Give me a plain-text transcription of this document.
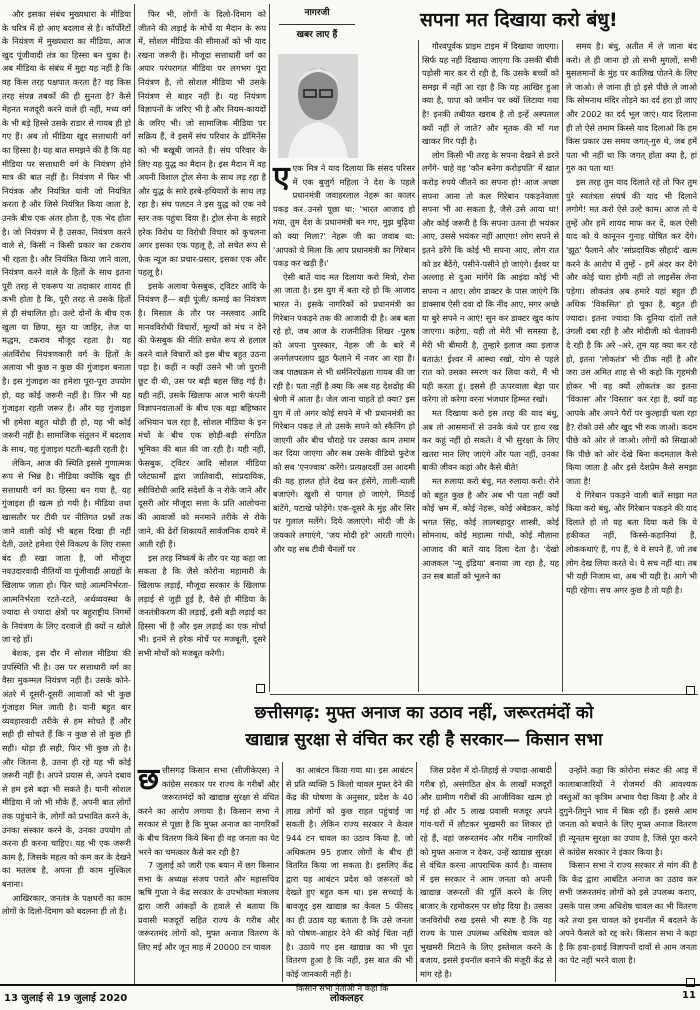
और इसका संबंध मुख्यधारा के मीडिया के चरित्र में हो आए बदलाव से है। कॉर्पोरेटों के नियंत्रण में मुख्यधारा का मीडिया, आज खुद पूंजीवादी तंत्र का हिस्सा बन चुका है। अब मीडिया के संबंध में मुद्दा यह नहीं है कि वह किस तरह पक्षपात करता है? वह किस तरह संपन्न तबकों की ही सुनता है? कैसे मेहनत मजदूरी करने वाले ही नहीं, मध्य वर्ग के भी बड़े हिस्से उसके राडार से गायब ही हो गए हैं। अब तो मीडिया खुद सत्ताधारी वर्ग का हिस्सा है। यह बात समझने की है कि यह मीडिया पर सत्ताधारी वर्ग के नियंत्रण होने मात्र की बात नहीं है। नियंत्रण में फिर भी नियंत्रक और नियंत्रित यानी जो नियंत्रित करता है और जिसे नियंत्रित किया जाता है, उनके बीच एक अंतर होता है, एक भेद होता है। जो नियंत्रण में है उसका, नियंत्रण करने वाले से, किसी न किसी प्रकार का टकराव भी रहता है। और नियंत्रित किया जाने वाला, नियंत्रण करने वाले के हितों के साथ इतना पूरी तरह से एकरूप या तदाकार शायद ही कभी होता है कि, पूरी तरह से उसके हितों से ही संचालित हो। उल्टे दोनों के बीच एक खुला या छिपा, सूत या जाहिर, तेज या मद्धम, टकराव मौजूद रहता है। यह अंतर्विरोध नियंत्रणकारी वर्ग के हितों के अलावा भी कुछ न कुछ की गुंजाइश बनाता है। इस गुंजाइश का हमेशा पूरा-पूरा उपयोग हो, यह कोई जरूरी नहीं है। फिर भी यह गुंजाइश रहती जरूर है। और यह गुंजाइश भी हमेशा बहुत थोड़ी ही हो, यह भी कोई जरूरी नहीं है। सामाजिक संतुलन में बदलाव के साथ, यह गुंजाइश घटती-बढ़ती रहती है।

लेकिन, आज की स्थिति इससे गुणात्मक रूप से भिन्न है। मीडिया क्योंकि खुद ही सत्ताधारी वर्ग का हिस्सा बन गया है, यह गुंजाइश ही खत्म हो गयी है। मीडिया तथा खासतौर पर टीवी पर नीतिगत प्रश्नों तक जाने वाली कोई भी बहस दिखा ही नहीं देती, उलटे हमेशा ऐसे विकल्प के लिए रास्ता बंद ही रखा जाता है, जो मौजूदा नवउदारवादी नीतियों या पूंजीवादी आग्रहों के खिलाफ जाता हो। फिर चाहे आत्मनिर्भरता-आत्मनिर्भरता रटते-रटते, अर्थव्यवस्था के ज्यादा से ज्यादा क्षेत्रों पर बहुराष्ट्रीय निगमों के नियंत्रण के लिए दरवाजे ही क्यों न खोले जा रहे हों।

बेशक, इस दौर में सोशल मीडिया की उपस्थिति भी है। उस पर सत्ताधारी वर्ग का वैसा मुकम्मल नियंत्रण नहीं है। उसके कोने-अंतरे में दूसरी-दूसरी आवाजों को भी कुछ गुंजाइश मिल जाती है। यानी बहुत बार व्यवहारवादी तरीके से हम सोचते हैं और सही ही सोचते हैं कि न कुछ से तो कुछ ही सही। थोड़ा ही सही, फिर भी कुछ तो है। और जितना है, उतना ही रहे यह भी कोई जरूरी नहीं है। अपने प्रयास से, अपने दबाव से हम इसे बढ़ा भी सकते हैं। यानी सोशल मीडिया में जो भी मौके हैं, अपनी बात लोगों तक पहुंचाने के, लोगों को प्रभावित करने के, उनका संस्कार करने के, उनका उपयोग तो करना ही करना चाहिए। यह भी एक जरूरी काम है, जिसके महत्व को कम कर के देखने का मतलब है, अपना ही काम मुश्किल बनाना।

आखिरकार, जनतंत्र के पक्षधरों का काम लोगों के दिलो-दिमाग को बदलना ही तो है।

फिर भी, लोगों के दिलो-दिमाग को जीतने की लड़ाई के मोर्चे या मैदान के रूप में, सोशल मीडिया की सीमाओं को भी याद रखना जरूरी है। मौजूदा सत्ताधारी वर्ग का अपार परंपरागत मीडिया पर लगभग पूरा नियंत्रण है, तो सोशल मीडिया भी उसके नियंत्रण से बाहर नहीं है। यह नियंत्रण विज्ञापनों के जरिए भी है और नियम-कायदों के जरिए भी। जो सामाजिक मीडिया पर सक्रिय हैं, वे इसमें संघ परिवार के डॉमिनेंस को भी बखूबी जानते हैं। संघ परिवार के लिए यह युद्ध का मैदान है। इस मैदान में वह अपनी विशाल ट्रोल सेना के साथ लड़ रहा है और युद्ध के सारे हरबे-हथियारों के साथ लड़ रहा है। संघ पलटन ने इस युद्ध को एक नये स्तर तक पहुंचा दिया है। ट्रोल सेना के सहारे हरेक विरोध या विरोधी विचार को कुचलना अगर इसका एक पहलू है, तो सचेत रूप से फेक न्यूज का प्रचार-प्रसार, इसका एक और पहलू है।

इसके अलावा फेसबुक, ट्विटर आदि के नियंत्रण हैं— बड़ी पूंजी/ कमाई का नियंत्रण है। मिसाल के तौर पर नस्लवाद आदि मानवविरोधी विचारों, मूल्यों को मंच न देने की फेसबुक की नीति सचेत रूप से हलाल करने वाले विचारों को इस बीच बहुत उठना पड़ा है। कहीं न कहीं उसने भी जो पुरानी छूट दी थी, उस पर बड़ी बहस छिड़ गई है। यही नहीं, उसके खिलाफ आज भारी कंपनी विज्ञापनदाताओं के बीच एक बड़ा बहिष्कार अभियान चल रहा है, सोशल मीडिया के इन मंचों के बीच एक छोड़ी-बड़ी संगठित भूमिका की बात की जा रही है। यही नहीं, फेसबुक, ट्विटर आदि सोशल मीडिया प्लेटफार्मों द्वारा जातिवादी, सांप्रदायिक, स्त्रीविरोधी आदि संदेशों के न रोके जाने और दूसरी ओर मौजूदा सत्ता के प्रति आलोचना की आवाजों को मनमाने तरीके से रोके जाने, की ढेरों शिकायतें सार्वजनिक दायरे में आती रही हैं।

इस तरह निष्कर्ष के तौर पर यह कहा जा सकता है कि जैसे कोरोना महामारी के खिलाफ लड़ाई, मौजूदा सरकार के खिलाफ लड़ाई से जुड़ी हुई है, वैसे ही मीडिया के जनतंत्रीकरण की लड़ाई, इसी बड़ी लड़ाई का हिस्सा भी है और इस लड़ाई का एक मोर्चा भी। इनमें से हरेक मोर्चे पर मजबूती, दूसरे सभी मोर्चों को मजबूत करेगी।

नागरजी
खबर लाए हैं

एएक मित्र ने याद दिलाया कि संसद परिसर में एक बुजुर्ग महिला ने देश के पहले प्रधानमंत्री जवाहरलाल नेहरू का कालर पकड़ कर उनसे पूछा था: 'भारत आजाद हो गया, तुम देश के प्रधानमंत्री बन गए, मुझ बुढ़िया को क्या मिला?' नेहरू जी का जवाब था: 'आपको ये मिला कि आप प्रधानमंत्री का गिरेबान पकड़ कर खड़ी हैं।'

ऐसी बातें याद मत दिलाया करो मित्रो, रोना आ जाता है। इस युग में बता रहे हो कि आजाद भारत ने। इसके नागरिकों को प्रधानमंत्री का गिरेबान पकड़ने तक की आजादी दी है। अब बता रहे हो, जब आज के राजनीतिक शिखर -पुरुष को अपना पुरस्कार, नेहरू जी के बारे में अनर्गलपरलाप झूठ फैलाने में नजर आ रहा है। जब पाठ्यक्रम से भी धर्मनिरपेक्षता गायब की जा रही है। पता नहीं है क्या कि अब यह देशद्रोह की श्रेणी में आता है। जेल जाना चाहते हो क्या? इस युग में तो अगर कोई सपने में भी प्रधानमंत्री का गिरेबान पकड़ ले तो उसके सपने को स्कैनिंग हो जाएगी और बीच चौराहे पर उसका काम तमाम कर दिया जाएगा और सब उसके वीडियो फुटेज को सब 'एनज्वाय' करेंगे। प्रत्यक्षदर्शी उस आदमी की यह हालत होते देख कर हंसेंगे, ताली-थाली बजाएंगे। खुशी से पागल हो जाएंगे, मिठाई बांटेंगे, पटाखे फोड़ेंगे। एक-दूसरे के मुंह और सिर पर गुलाल मलेंगे। दिये जलाएंगे। मोदी जी के जयकारे लगाएंगे, 'जय मोदी हरे' आरती गाएंगे। और यह सब टीवी चैनलों पर

सपना मत दिखाया करो बंधु!

गौरवपूर्वक प्राइम टाइम में दिखाया जाएगा। सिर्फ यह नहीं दिखाया जाएगा कि उसकी बीवी पड़ोसी मार कर रो रही है, कि उसके बच्चों को समझ में नहीं आ रहा है कि यह आखिर हुआ क्या है, पापा को जमीन पर क्यों लिटाया गया है! इनकी तबीयत खराब है तो इन्हें अस्पताल क्यों नहीं ले जाते? और मृतक की माँ गश खाकर गिर पड़ी है।

लोग किसी भी तरह के सपना देखने से डरने लगेंगे- चाहे वह 'कौन बनेगा करोड़पति' में खात करोड़ रुपये जीतने का सपना हो! आज अच्छा सपना आना तो कल गिरेबान पकड़नेवाला सपना भी आ सकता है, जैसे उसे आया था! और कोई जरूरी है कि सपना उतना ही भयंकर आए, उससे भयंकर नहीं आएगा! लोग सपने से इतने डरेंगे कि कोई भी सपना आए, लोग रात को डर बैठेंगे, पसीने-पसीने हो जाएंगे। ईश्वर या अल्लाह से दुआ मांगेंगे कि आइंदा कोई भी सपना न आए। लोग डाक्टर के पास जाएंगे कि डाक्साब ऐसी दवा दो कि नींद आए, मगर अच्छे या बुरे सपने न आएं! सुन कर डाक्टर खुद कांप जाएगा। कहेगा, यही तो मेरी भी समस्या है, मेरी भी बीमारी है, तुम्हारे इलाज क्या इलाज बताऊं! ईश्वर में आस्था रखो, योग से पहले रात को उसका स्मरण कर लिया करो, मैं भी यही करता हूं। इससे ही ऊपरवाला बेड़ा पार करेगा तो करेगा वरना भंजधार हिम्मत रखो।

मत दिखाया करो इस तरह की याद बंधु, अब तो आसमानों से उनके कंधे पर हाथ रख कर कहूं नहीं हो सकते। वे भी सुरक्षा के लिए खतरा मान लिए जाएंगे और पता नहीं, उनका बाकी जीवन कहां और कैसे बीते!

मत रुलाया करो बंधु, मत रुलाया करो। रोने को बहुत कुछ है और अब भी पता नहीं क्यों कोई भ्रम में, कोई नेहरू, कोई अंबेडकर, कोई भगत सिंह, कोई लालबहादुर शास्त्री, कोई सोमनाथ, कोई महात्मा गांधी, कोई मौलाना आजाद की बातें याद दिला देता है। 'देखो आजकल 'न्यू इंडिया' बनाया जा रहा है, यह उन सब बातों को भूलने का

समय है। बंधु, अतीत में ले जाना बंद करो। ले ही जाना हो तो सभी मुगलों, सभी मुसलमानों के मुंह पर कालिख पोतने के लिए ले जाओ। ले जाना ही हो इसे पीछे ले जाओ कि सोमनाथ मंदिर तोड़ने का दर्द हरा हो जाए और 2002 का दर्द भूल जाएं। याद दिलाना ही तो ऐसे तमाम किस्से याद दिलाओ कि हम किस प्रकार उस समय जगत्-गुरु थे, जब हमें पता भी नहीं था कि जगत् होता क्या है, हां गुरु का पता था!

इस तरह तुम याद दिलाते रहे तो फिर तुम पुरे स्वतंत्रता संघर्ष की याद भी दिलाने लगोगे! मत करो ऐसे उल्टे काम। आज तो ये तुम्हें और हमें शायद माफ कर दें, कल ऐसी याद को ये कानूनन गुनाह घोषित कर देंगे। 'झूठ' फैलाने और 'सांप्रदायिक सौहार्द' खत्म करने के आरोप में तुम्हें - हमें अंदर कर देंगे और कोई चारा होगी नहीं तो लाइसेंस लेना पड़ेगा। लोकतंत्र अब हमारे यहां बहुत ही अधिक 'विकसित' हो चुका है, बहुत ही ज्यादा। इतना ज्यादा कि दुनिया दांतों तले उंगली दबा रही है और मोदीजी को चेतावनी दे रही है कि अरे -अरे, तुम यह क्या कर रहे हो, इतना 'लोकतंत्र' भी ठीक नहीं है और जरा उस अमित शाह से भी कहो कि गृहमंत्री होकर भी वह क्यों लोकतंत्र का इतना 'विकास' और 'विस्तार' कर रहा है, क्यों वह आपके और अपने पैरों पर कुल्हाड़ी चला रहा है? रोको उसे और खुद भी रुक जाओ। कदम पीछे को ओर ले जाओ। लोगों को सिखाओ कि पीछे को ओर देखे बिना कदमताल कैसे किया जाता है और इसे देशप्रेम कैसे समझा जाता है!

ये गिरेबान पकड़ने वाली बातें साझा मत किया करो बंधु, और गिरेबान पकड़ने की याद दिलाते हो तो यह बता दिया करो कि ये हकीकत नहीं, किस्से-कहानियां हैं, लोककथाएं हैं, गप हैं, वे वे सपने हैं, जो तब लोग देख लिया करते थे। ये सच नहीं था। तब भी यही निजाम था, अब भी यही है। आगे भी यही रहेगा। सच अगर कुछ है तो यही है।

छत्तीसगढ़: मुफ्त अनाज का उठाव नहीं, जरूरतमंदों को
खाद्यान्न सुरक्षा से वंचित कर रही है सरकार— किसान सभा

छत्तीसगढ़ किसान सभा (सीजीकेएस) ने कांग्रेस सरकार पर राज्य के गरीबों और जरूरतमंदों को खाद्यान्न सुरक्षा से वंचित करने का आरोप लगाया है। किसान सभा ने सरकार से पूछा है कि मुफ्त अनाज का नागरिकों के बीच वितरण किये बिना ही वह जनता का पेट भरने का चमत्कार कैसे कर रही है?

7 जुलाई को जारी एक बयान में छग किसान सभा के अध्यक्ष संजय पराते और महासचिव ऋषि गुप्ता ने केंद्र सरकार के उपभोक्ता मंत्रालय द्वारा जारी आंकड़ों के हवाले से बताया कि प्रवासी मजदूरों सहित राज्य के गरीब और जरूरतमंद लोगों को, मुफ्त अनाज वितरण के लिए मई और जून माह में 20000 टन चावल

का आबंटन किया गया था। इस आबंटन से प्रति व्यक्ति 5 किलो चावल मुफ्त देने की केंद्र की घोषणा के अनुसार, प्रदेश के 40 लाख लोगों को कुछ राहत पहुंचाई जा सकती है। लेकिन राज्य सरकार ने केवल 944 टन चावल का उठाव किया है, जो अधिकतम 95 हजार लोगों के बीच ही वितरित किया जा सकता है। इसलिए केंद्र द्वारा यह आबंटन प्रदेश को जरूरतों को देखते हुए बहुत कम था। इस सच्चाई के बावजूद इस खाद्यान्न का केवल 5 फीसद का ही उठाव यह बताता है कि उसे जनता को पोषण-आहार देने की कोई चिंता नहीं है। उठाये गए इस खाद्यान्न का भी पूरा वितरण हुआ है कि नहीं, इस बात की भी कोई जानकारी नहीं है।

किसान सभा नेताओं ने कहा कि

जिस प्रदेश में दो-तिहाई से ज्यादा आबादी गरीब हो, असंगठित क्षेत्र के लाखों मजदूरों और ग्रामीण गरीबों की आजीविका खत्म हो गई हो और 5 लाख प्रवासी मजदूर अपने गांव-घरों में लौटकर भुखमरी का शिकार हो रहे हैं, वहां जरूरतमंद और गरीब नागरिकों को मुफ्त अनाज न देकर, उन्हें खाद्यान्न सुरक्षा से वंचित करना आपराधिक कार्य है। वास्तव में इस सरकार ने आम जनता को अपनी खाद्यान्न जरूरतों की पूर्ति करने के लिए बाजार के रहमोकरम पर छोड़ दिया है। उसका जनविरोधी रुख इससे भी स्पष्ट है कि यह राज्य के पास उपलब्ध अधिशेष चावल को भुखमरी मिटाने के लिए इस्तेमाल करने के बजाय, इससे इथनॉल बनाने की मंजूरी केंद्र से मांग रहे है।

उन्होंने कहा कि कोरोना संकट की आड़ में कालाबाजारियों ने रोजमर्रा की आवश्यक वस्तुओं का कृत्रिम अभाव पैदा किया है और वे दुगुने-तिगुने भाव में बिक रही हैं। इससे आम जनता को बचाने के लिए मुफ्त अनाज वितरण ही न्यूनतम सुरक्षा का उपाय है, जिसे पूरा करने से कांग्रेस सरकार ने इंकार किया है।

किसान सभा ने राज्य सरकार से मांग की है कि केंद्र द्वारा आबंटित अनाज का उठाव कर सभी जरूरतमंद लोगों को इसे उपलब्ध कराए, उसके पास जमा अधिशेष चावल का भी वितरण करे तथा इस चावल को इथनॉल में बदलने के अपने फैसले को रद्द करे। किसान सभा ने कहा है कि हवा-हवाई विज्ञापनों दावों से आम जनता का पेट नहीं भरने वाला है।

13 जुलाई से 19 जुलाई 2020	लोकलहर	11
